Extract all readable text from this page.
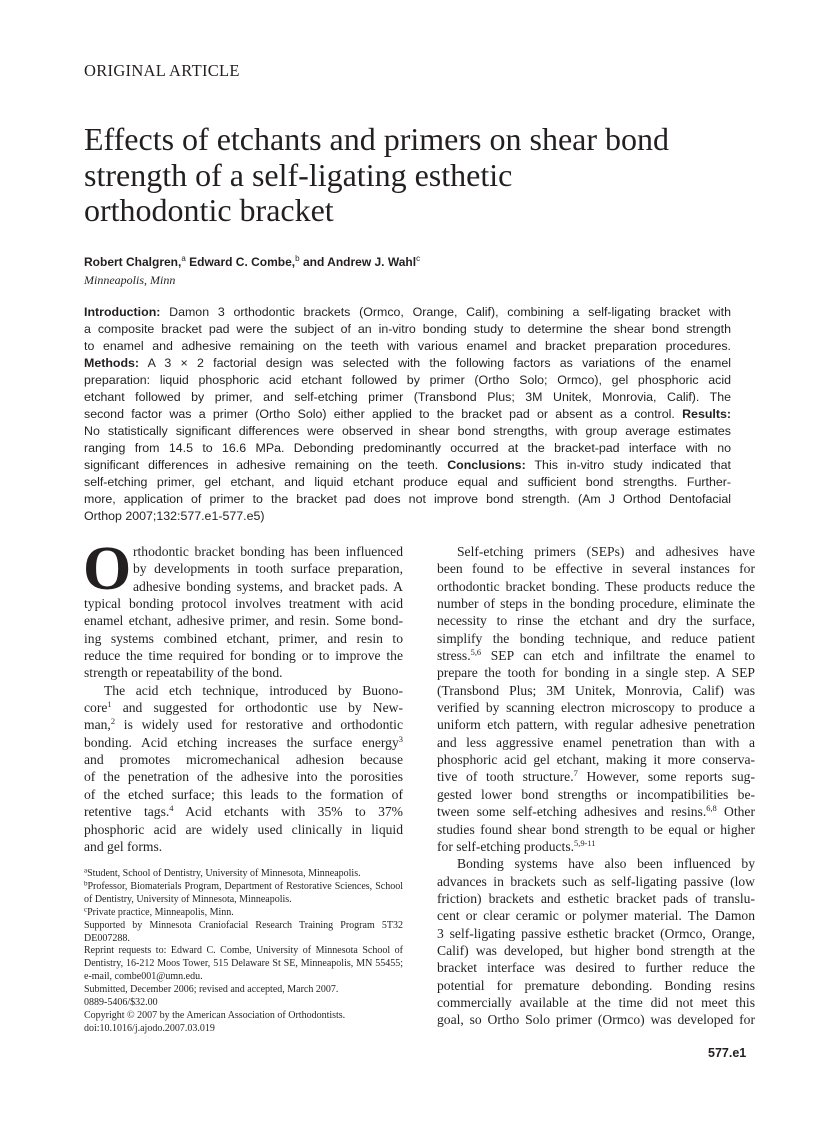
ORIGINAL ARTICLE
Effects of etchants and primers on shear bond
strength of a self-ligating esthetic
orthodontic bracket
Robert Chalgren,$^a$ Edward C. Combe,$^b$ and Andrew J. Wahl$^c$
Minneapolis, Minn
Introduction: Damon 3 orthodontic brackets (Ormco, Orange, Calif), combining a self-ligating bracket with
a composite bracket pad were the subject of an in-vitro bonding study to determine the shear bond strength
to enamel and adhesive remaining on the teeth with various enamel and bracket preparation procedures.
Methods: A 3 × 2 factorial design was selected with the following factors as variations of the enamel
preparation: liquid phosphoric acid etchant followed by primer (Ortho Solo; Ormco), gel phosphoric acid
etchant followed by primer, and self-etching primer (Transbond Plus; 3M Unitek, Monrovia, Calif). The
second factor was a primer (Ortho Solo) either applied to the bracket pad or absent as a control. Results:
No statistically significant differences were observed in shear bond strengths, with group average estimates
ranging from 14.5 to 16.6 MPa. Debonding predominantly occurred at the bracket-pad interface with no
significant differences in adhesive remaining on the teeth. Conclusions: This in-vitro study indicated that
self-etching primer, gel etchant, and liquid etchant produce equal and sufficient bond strengths. Further-
more, application of primer to the bracket pad does not improve bond strength. (Am J Orthod Dentofacial
Orthop 2007;132:577.e1-577.e5)
O rthodontic bracket bonding has been influenced
by developments in tooth surface preparation,
adhesive bonding systems, and bracket pads. A
typical bonding protocol involves treatment with acid
enamel etchant, adhesive primer, and resin. Some bond-
ing systems combined etchant, primer, and resin to
reduce the time required for bonding or to improve the
strength or repeatability of the bond.
The acid etch technique, introduced by Buono-
core$^1$ and suggested for orthodontic use by New-
man,$^2$ is widely used for restorative and orthodontic
bonding. Acid etching increases the surface energy$^3$
and promotes micromechanical adhesion because
of the penetration of the adhesive into the porosities
of the etched surface; this leads to the formation of
retentive tags.$^4$ Acid etchants with 35% to 37%
phosphoric acid are widely used clinically in liquid
and gel forms.
Self-etching primers (SEPs) and adhesives have
been found to be effective in several instances for
orthodontic bracket bonding. These products reduce the
number of steps in the bonding procedure, eliminate the
necessity to rinse the etchant and dry the surface,
simplify the bonding technique, and reduce patient
stress.$^{5,6}$ SEP can etch and infiltrate the enamel to
prepare the tooth for bonding in a single step. A SEP
(Transbond Plus; 3M Unitek, Monrovia, Calif) was
verified by scanning electron microscopy to produce a
uniform etch pattern, with regular adhesive penetration
and less aggressive enamel penetration than with a
phosphoric acid gel etchant, making it more conserva-
tive of tooth structure.$^7$ However, some reports sug-
gested lower bond strengths or incompatibilities be-
tween some self-etching adhesives and resins.$^{6,8}$ Other
studies found shear bond strength to be equal or higher
for self-etching products.$^{5,9-11}$
Bonding systems have also been influenced by
advances in brackets such as self-ligating passive (low
friction) brackets and esthetic bracket pads of translu-
cent or clear ceramic or polymer material. The Damon
3 self-ligating passive esthetic bracket (Ormco, Orange,
Calif) was developed, but higher bond strength at the
bracket interface was desired to further reduce the
potential for premature debonding. Bonding resins
commercially available at the time did not meet this
goal, so Ortho Solo primer (Ormco) was developed for
$^a$Student, School of Dentistry, University of Minnesota, Minneapolis.
$^b$Professor, Biomaterials Program, Department of Restorative Sciences, School
of Dentistry, University of Minnesota, Minneapolis.
$^c$Private practice, Minneapolis, Minn.
Supported by Minnesota Craniofacial Research Training Program 5T32
DE007288.
Reprint requests to: Edward C. Combe, University of Minnesota School of
Dentistry, 16-212 Moos Tower, 515 Delaware St SE, Minneapolis, MN 55455;
e-mail, combe001@umn.edu.
Submitted, December 2006; revised and accepted, March 2007.
0889-5406/$32.00
Copyright © 2007 by the American Association of Orthodontists.
doi:10.1016/j.ajodo.2007.03.019
577.e1
